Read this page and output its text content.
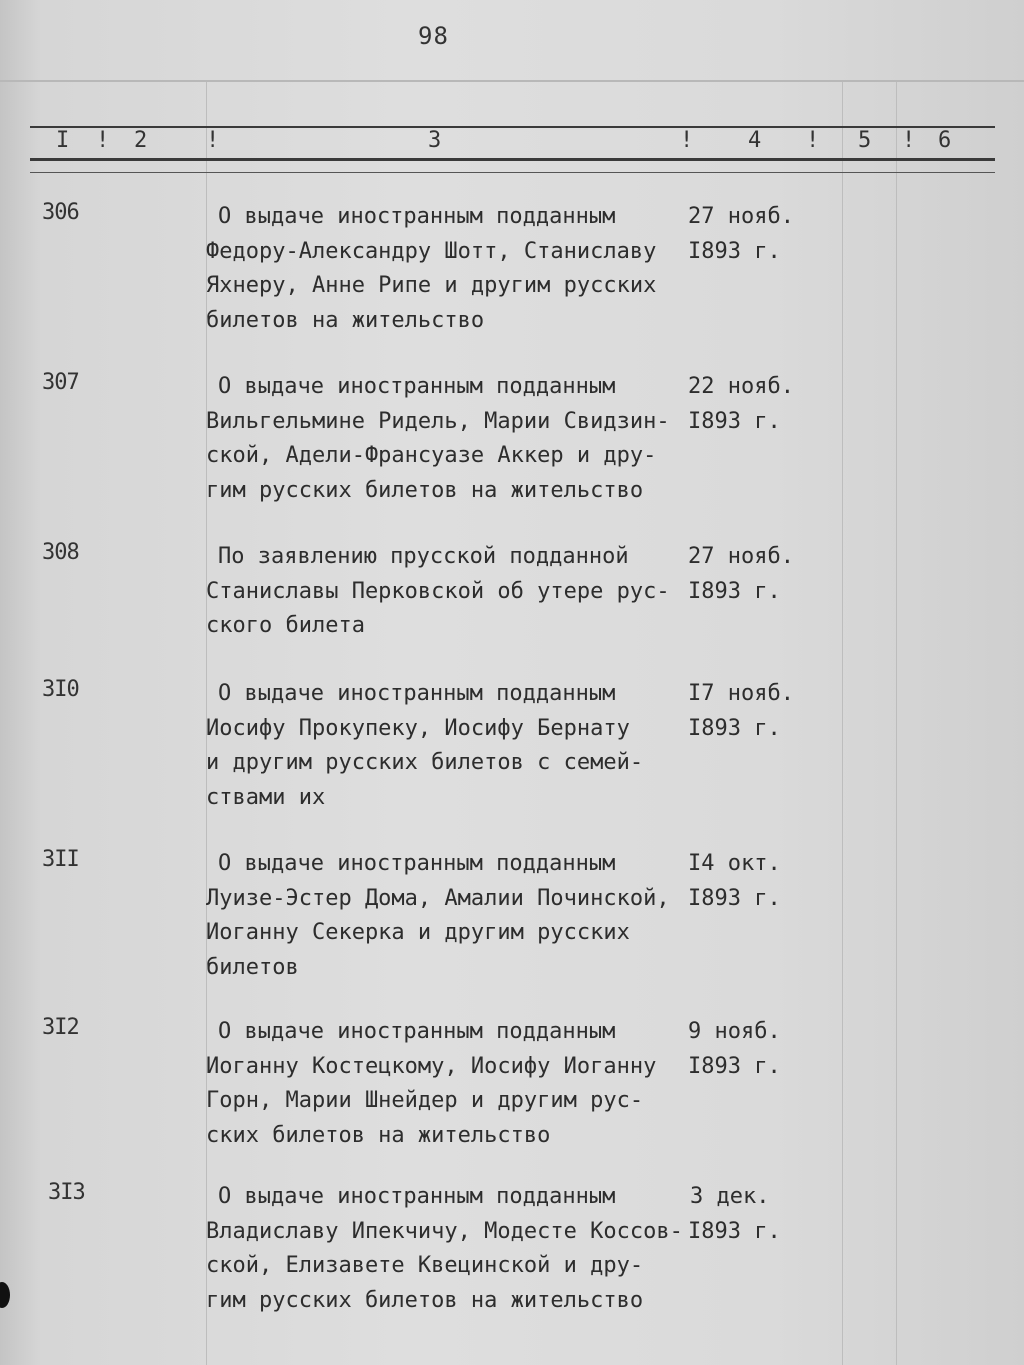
98
I ! 2	!	3	! 4 ! 5 ! 6
306	О выдаче иностранным подданным
Федору-Александру Шотт, Станиславу
Яхнеру, Анне Рипе и другим русских
билетов на жительство
27 нояб.
I893 г.
307	О выдаче иностранным подданным
Вильгельмине Ридель, Марии Свидзин-
ской, Адели-Франсуазе Аккер и дру-
гим русских билетов на жительство
22 нояб.
I893 г.
308	По заявлению прусской подданной
Станиславы Перковской об утере рус-
ского билета
27 нояб.
I893 г.
3I0	О выдаче иностранным подданным
Иосифу Прокупеку, Иосифу Бернату
и другим русских билетов с семей-
ствами их
I7 нояб.
I893 г.
3II	О выдаче иностранным подданным
Луизе-Эстер Дома, Амалии Починской,
Иоганну Секерка и другим русских
билетов
I4 окт.
I893 г.
3I2	О выдаче иностранным подданным
Иоганну Костецкому, Иосифу Иоганну
Горн, Марии Шнейдер и другим рус-
ских билетов на жительство
9 нояб.
I893 г.
3I3	О выдаче иностранным подданным
Владиславу Ипекчичу, Модесте Коссов-
ской, Елизавете Квецинской и дру-
гим русских билетов на жительство
3 дек.
I893 г.
